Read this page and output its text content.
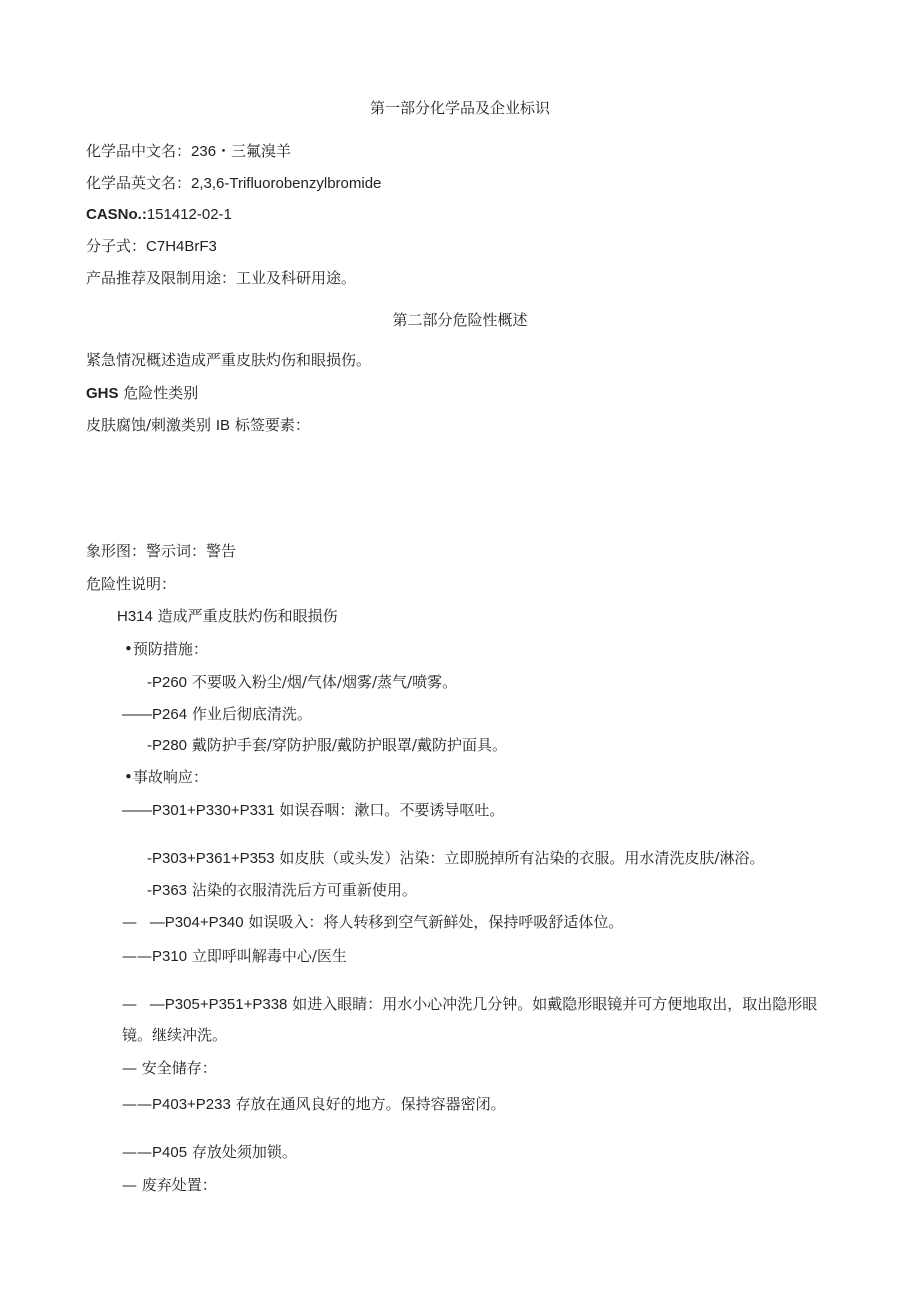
第一部分化学品及企业标识
化学品中文名：236・三氟溴羊
化学品英文名：2,3,6-Trifluorobenzylbromide
CASNo.:151412-02-1
分子式：C7H4BrF3
产品推荐及限制用途：工业及科研用途。
第二部分危险性概述
紧急情况概述造成严重皮肤灼伤和眼损伤。
GHS 危险性类别
皮肤腐蚀/刺激类别 IB 标签要素：
象形图：警示词：警告
危险性说明：
H314 造成严重皮肤灼伤和眼损伤
•预防措施：
-P260 不要吸入粉尘/烟/气体/烟雾/蒸气/喷雾。
——P264 作业后彻底清洗。
-P280 戴防护手套/穿防护服/戴防护眼罩/戴防护面具。
•事故响应：
——P301+P330+P331 如误吞咽：漱口。不要诱导呕吐。
-P303+P361+P353 如皮肤（或头发）沾染：立即脱掉所有沾染的衣服。用水清洗皮肤/淋浴。
-P363 沾染的衣服清洗后方可重新使用。
— —P304+P340 如误吸入：将人转移到空气新鲜处，保持呼吸舒适体位。
——P310 立即呼叫解毒中心/医生
— —P305+P351+P338 如进入眼睛：用水小心冲洗几分钟。如戴隐形眼镜并可方便地取出，取出隐形眼
镜。继续冲洗。
— 安全储存：
——P403+P233 存放在通风良好的地方。保持容器密闭。
——P405 存放处须加锁。
— 废弃处置：
